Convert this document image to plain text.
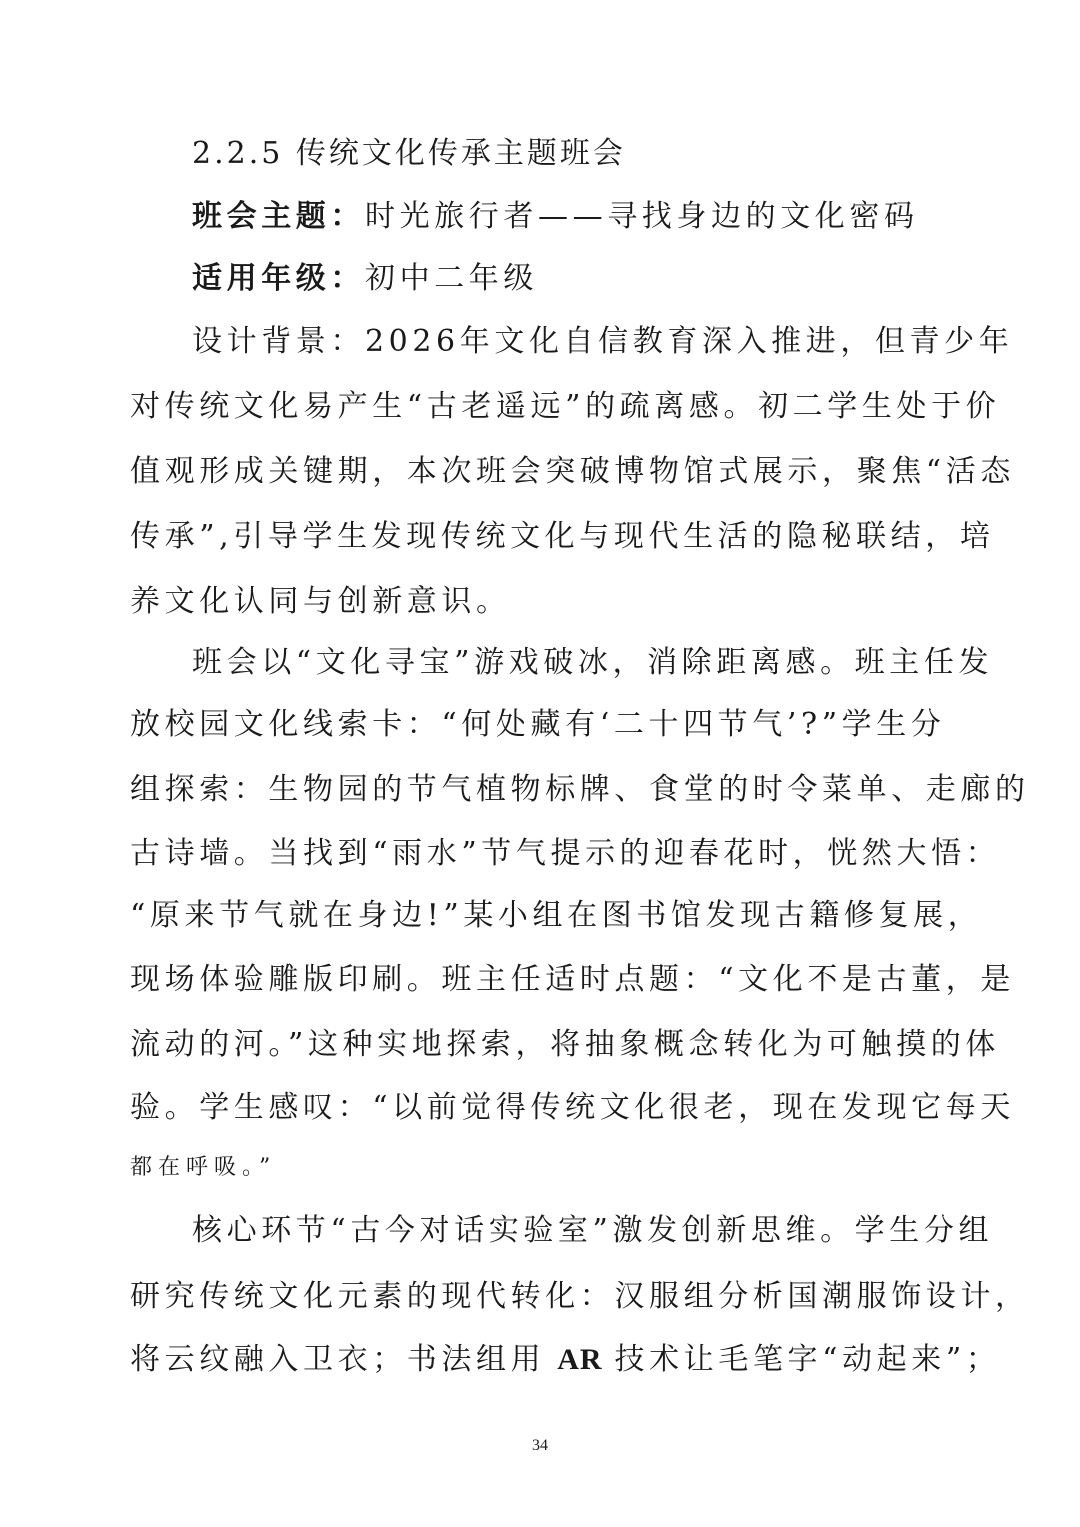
2.2.5 传统文化传承主题班会
班会主题：时光旅行者——寻找身边的文化密码
适用年级：初中二年级
设计背景：2026年文化自信教育深入推进，但青少年
对传统文化易产生“古老遥远”的疏离感。初二学生处于价
值观形成关键期，本次班会突破博物馆式展示，聚焦“活态
传承”,引导学生发现传统文化与现代生活的隐秘联结，培
养文化认同与创新意识。
班会以“文化寻宝”游戏破冰，消除距离感。班主任发
放校园文化线索卡：“何处藏有‘二十四节气’?”学生分
组探索：生物园的节气植物标牌、食堂的时令菜单、走廊的
古诗墙。当找到“雨水”节气提示的迎春花时，恍然大悟：
“原来节气就在身边!”某小组在图书馆发现古籍修复展，
现场体验雕版印刷。班主任适时点题：“文化不是古董，是
流动的河。”这种实地探索，将抽象概念转化为可触摸的体
验。学生感叹：“以前觉得传统文化很老，现在发现它每天
都在呼吸。”
核心环节“古今对话实验室”激发创新思维。学生分组
研究传统文化元素的现代转化：汉服组分析国潮服饰设计，
将云纹融入卫衣；书法组用 AR 技术让毛笔字“动起来”；
34
